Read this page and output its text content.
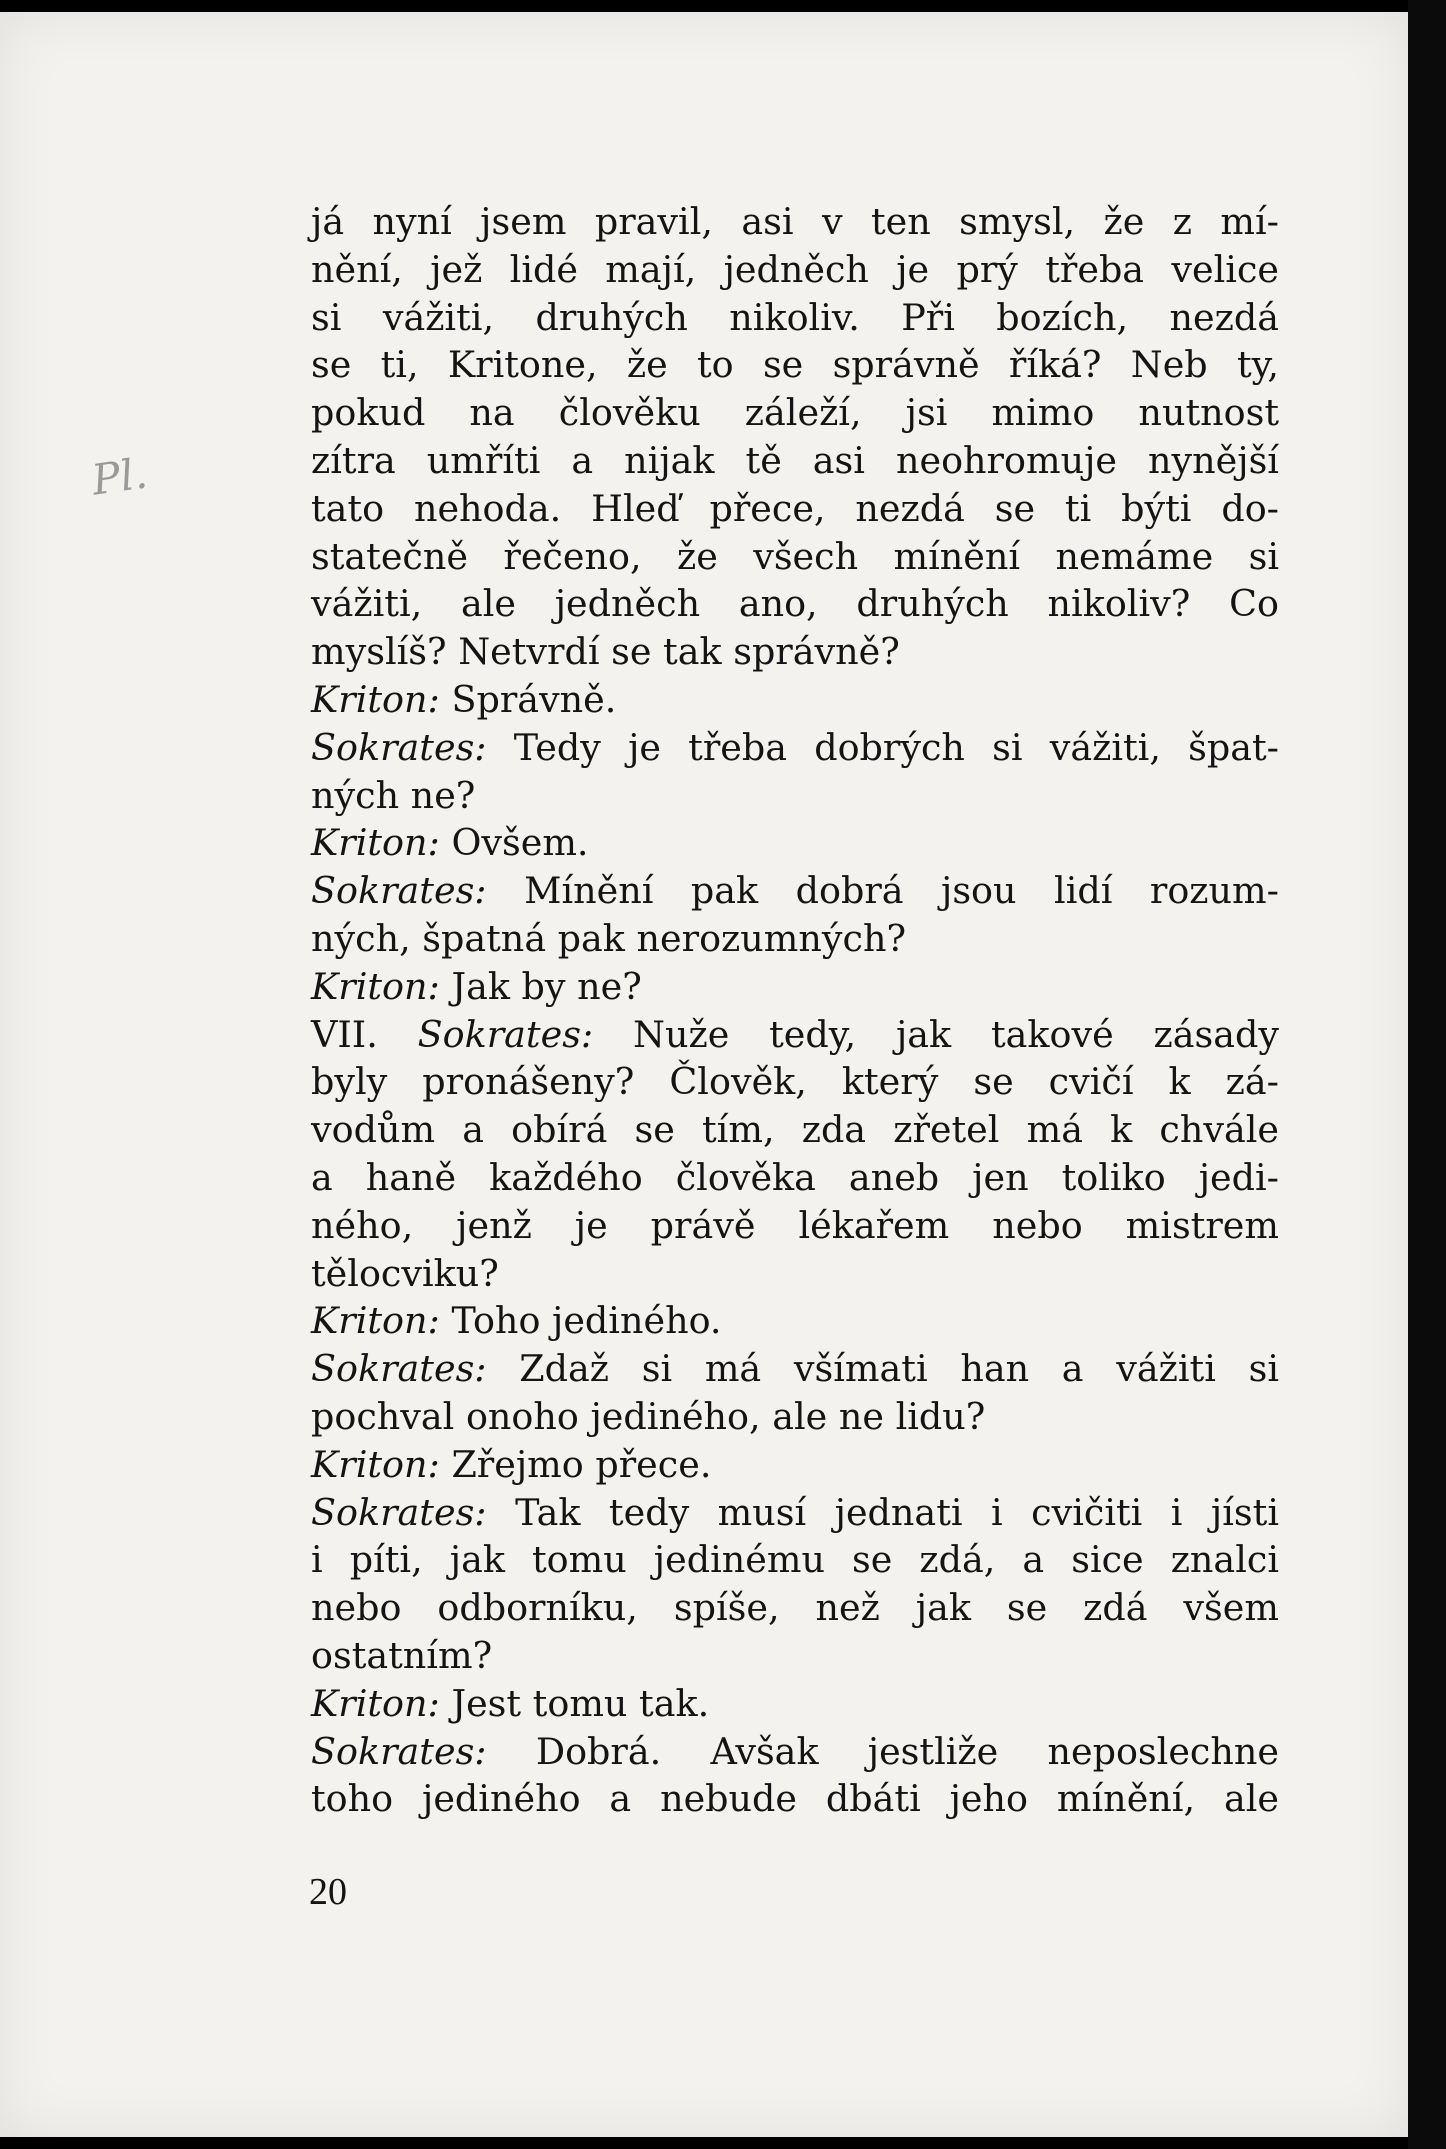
Pl.
já nyní jsem pravil, asi v ten smysl, že z mí-
nění, jež lidé mají, jedněch je prý třeba velice
si vážiti, druhých nikoliv. Při bozích, nezdá
se ti, Kritone, že to se správně říká? Neb ty,
pokud na člověku záleží, jsi mimo nutnost
zítra umříti a nijak tě asi neohromuje nynější
tato nehoda. Hleď přece, nezdá se ti býti do-
statečně řečeno, že všech mínění nemáme si
vážiti, ale jedněch ano, druhých nikoliv? Co
myslíš? Netvrdí se tak správně?
Kriton: Správně.
Sokrates: Tedy je třeba dobrých si vážiti, špat-
ných ne?
Kriton: Ovšem.
Sokrates: Mínění pak dobrá jsou lidí rozum-
ných, špatná pak nerozumných?
Kriton: Jak by ne?
VII. Sokrates: Nuže tedy, jak takové zásady
byly pronášeny? Člověk, který se cvičí k zá-
vodům a obírá se tím, zda zřetel má k chvále
a haně každého člověka aneb jen toliko jedi-
ného, jenž je právě lékařem nebo mistrem
tělocviku?
Kriton: Toho jediného.
Sokrates: Zdaž si má všímati han a vážiti si
pochval onoho jediného, ale ne lidu?
Kriton: Zřejmo přece.
Sokrates: Tak tedy musí jednati i cvičiti i jísti
i píti, jak tomu jedinému se zdá, a sice znalci
nebo odborníku, spíše, než jak se zdá všem
ostatním?
Kriton: Jest tomu tak.
Sokrates: Dobrá. Avšak jestliže neposlechne
toho jediného a nebude dbáti jeho mínění, ale
20
